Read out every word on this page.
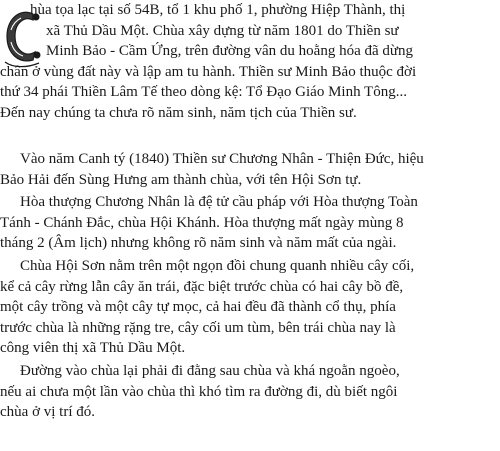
hùa tọa lạc tại số 54B, tổ 1 khu phố 1, phường Hiệp Thành, thị
xã Thủ Dầu Một. Chùa xây dựng từ năm 1801 do Thiền sư
Minh Bảo - Cầm Ứng, trên đường vân du hoằng hóa đã dừng
chân ở vùng đất này và lập am tu hành. Thiền sư Minh Bảo thuộc đời
thứ 34 phái Thiền Lâm Tế theo dòng kệ: Tổ Đạo Giáo Minh Tông...
Đến nay chúng ta chưa rõ năm sinh, năm tịch của Thiền sư.

Vào năm Canh tý (1840) Thiền sư Chương Nhân - Thiện Đức, hiệu
Bảo Hải đến Sùng Hưng am thành chùa, với tên Hội Sơn tự.

Hòa thượng Chương Nhân là đệ tử cầu pháp với Hòa thượng Toàn
Tánh - Chánh Đắc, chùa Hội Khánh. Hòa thượng mất ngày mùng 8
tháng 2 (Âm lịch) nhưng không rõ năm sinh và năm mất của ngài.

Chùa Hội Sơn nằm trên một ngọn đồi chung quanh nhiều cây cối,
kể cả cây rừng lẫn cây ăn trái, đặc biệt trước chùa có hai cây bồ đề,
một cây trồng và một cây tự mọc, cả hai đều đã thành cổ thụ, phía
trước chùa là những rặng tre, cây cối um tùm, bên trái chùa nay là
công viên thị xã Thủ Dầu Một.

Đường vào chùa lại phải đi đằng sau chùa và khá ngoằn ngoèo,
nếu ai chưa một lần vào chùa thì khó tìm ra đường đi, dù biết ngôi
chùa ở vị trí đó.
